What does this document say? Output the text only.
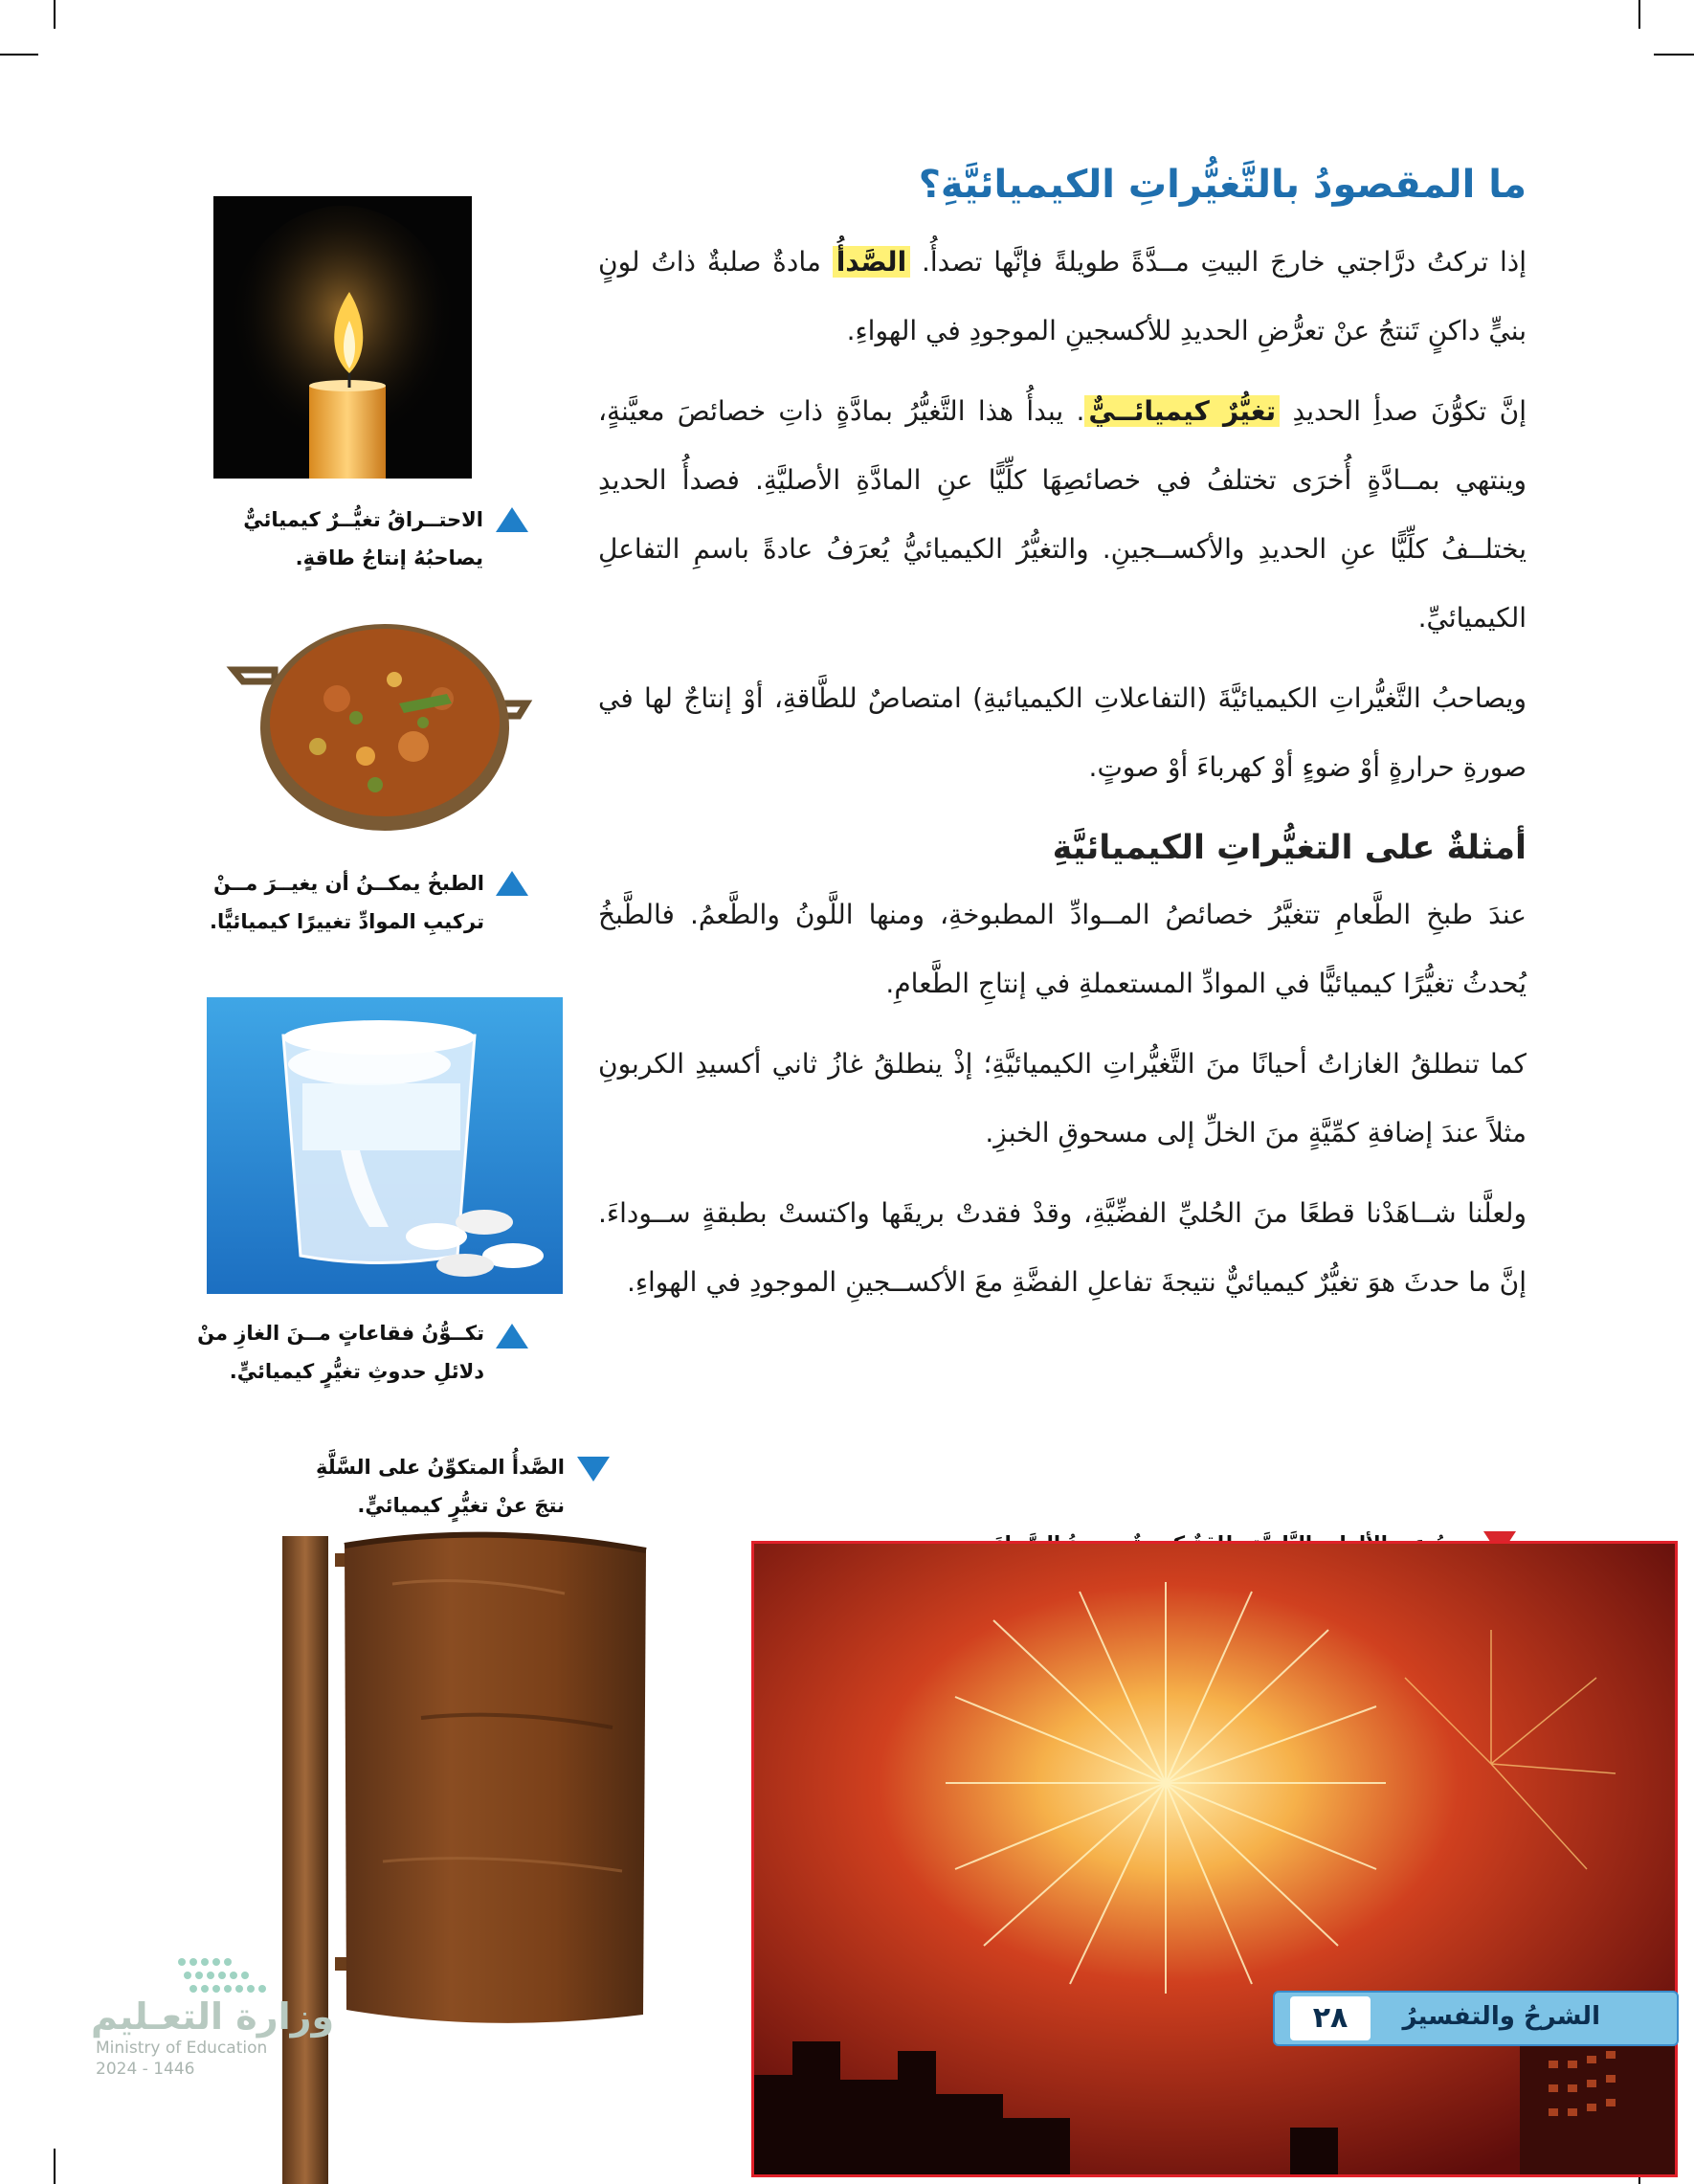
ما المقصودُ بالتَّغيُّراتِ الكيميائيَّةِ؟

إذا تركتُ درَّاجتي خارجَ البيتِ مــدَّةً طويلةً فإنَّها تصدأُ. الصَّدأُ مادةٌ صلبةٌ ذاتُ لونٍ بنيٍّ داكنٍ تَنتجُ عنْ تعرُّضِ الحديدِ للأكسجينِ الموجودِ في الهواءِ.

إنَّ تكوُّنَ صدأِ الحديدِ تغيُّرٌ كيميائــيٌّ. يبدأُ هذا التَّغيُّرُ بمادَّةٍ ذاتِ خصائصَ معيَّنةٍ، وينتهي بمــادَّةٍ أُخرَى تختلفُ في خصائصِهَا كلِّيًّا عنِ المادَّةِ الأصليَّةِ. فصدأُ الحديدِ يختلــفُ كلِّيًّا عنِ الحديدِ والأكســجينِ. والتغيُّرُ الكيميائيُّ يُعرَفُ عادةً باسمِ التفاعلِ الكيميائيِّ.

ويصاحبُ التَّغيُّراتِ الكيميائيَّةَ (التفاعلاتِ الكيميائيةِ) امتصاصٌ للطَّاقةِ، أوْ إنتاجٌ لها في صورةِ حرارةٍ أوْ ضوءٍ أوْ كهرباءَ أوْ صوتٍ.

أمثلةٌ على التغيُّراتِ الكيميائيَّةِ

عندَ طبخِ الطَّعامِ تتغيَّرُ خصائصُ المــوادِّ المطبوخةِ، ومنها اللَّونُ والطَّعمُ. فالطَّبخُ يُحدثُ تغيُّرًا كيميائيًّا في الموادِّ المستعملةِ في إنتاجِ الطَّعامِ.

كما تنطلقُ الغازاتُ أحيانًا منَ التَّغيُّراتِ الكيميائيَّةِ؛ إذْ ينطلقُ غازُ ثاني أكسيدِ الكربونِ مثلاً عندَ إضافةِ كمِّيَّةٍ منَ الخلِّ إلى مسحوقِ الخبزِ.

ولعلَّنا شــاهَدْنا قطعًا منَ الحُليِّ الفضِّيَّةِ، وقدْ فقدتْ بريقَها واكتستْ بطبقةٍ ســوداءَ. إنَّ ما حدثَ هوَ تغيُّرٌ كيميائيٌّ نتيجةَ تفاعلِ الفضَّةِ معَ الأكســجينِ الموجودِ في الهواءِ.

الاحتــراقُ تغيُّــرٌ كيميائيٌّ
يصاحبُهُ إنتاجُ طاقةٍ.
الطبخُ يمكــنُ أن يغيــرَ مــنْ
تركيبِ الموادِّ تغييرًا كيميائيًّا.
تكــوُّنُ فقاعاتٍ مــنَ الغازِ منْ
دلائلِ حدوثِ تغيُّرٍ كيميائيٍّ.
الصَّدأُ المتكوِّنُ على السَّلَّةِ
نتجَ عنْ تغيُّرٍ كيميائيٍّ.
الشرحُ والتفسيرُ
٢٨
وزارة التعـليم
Ministry of Education
2024 - 1446
